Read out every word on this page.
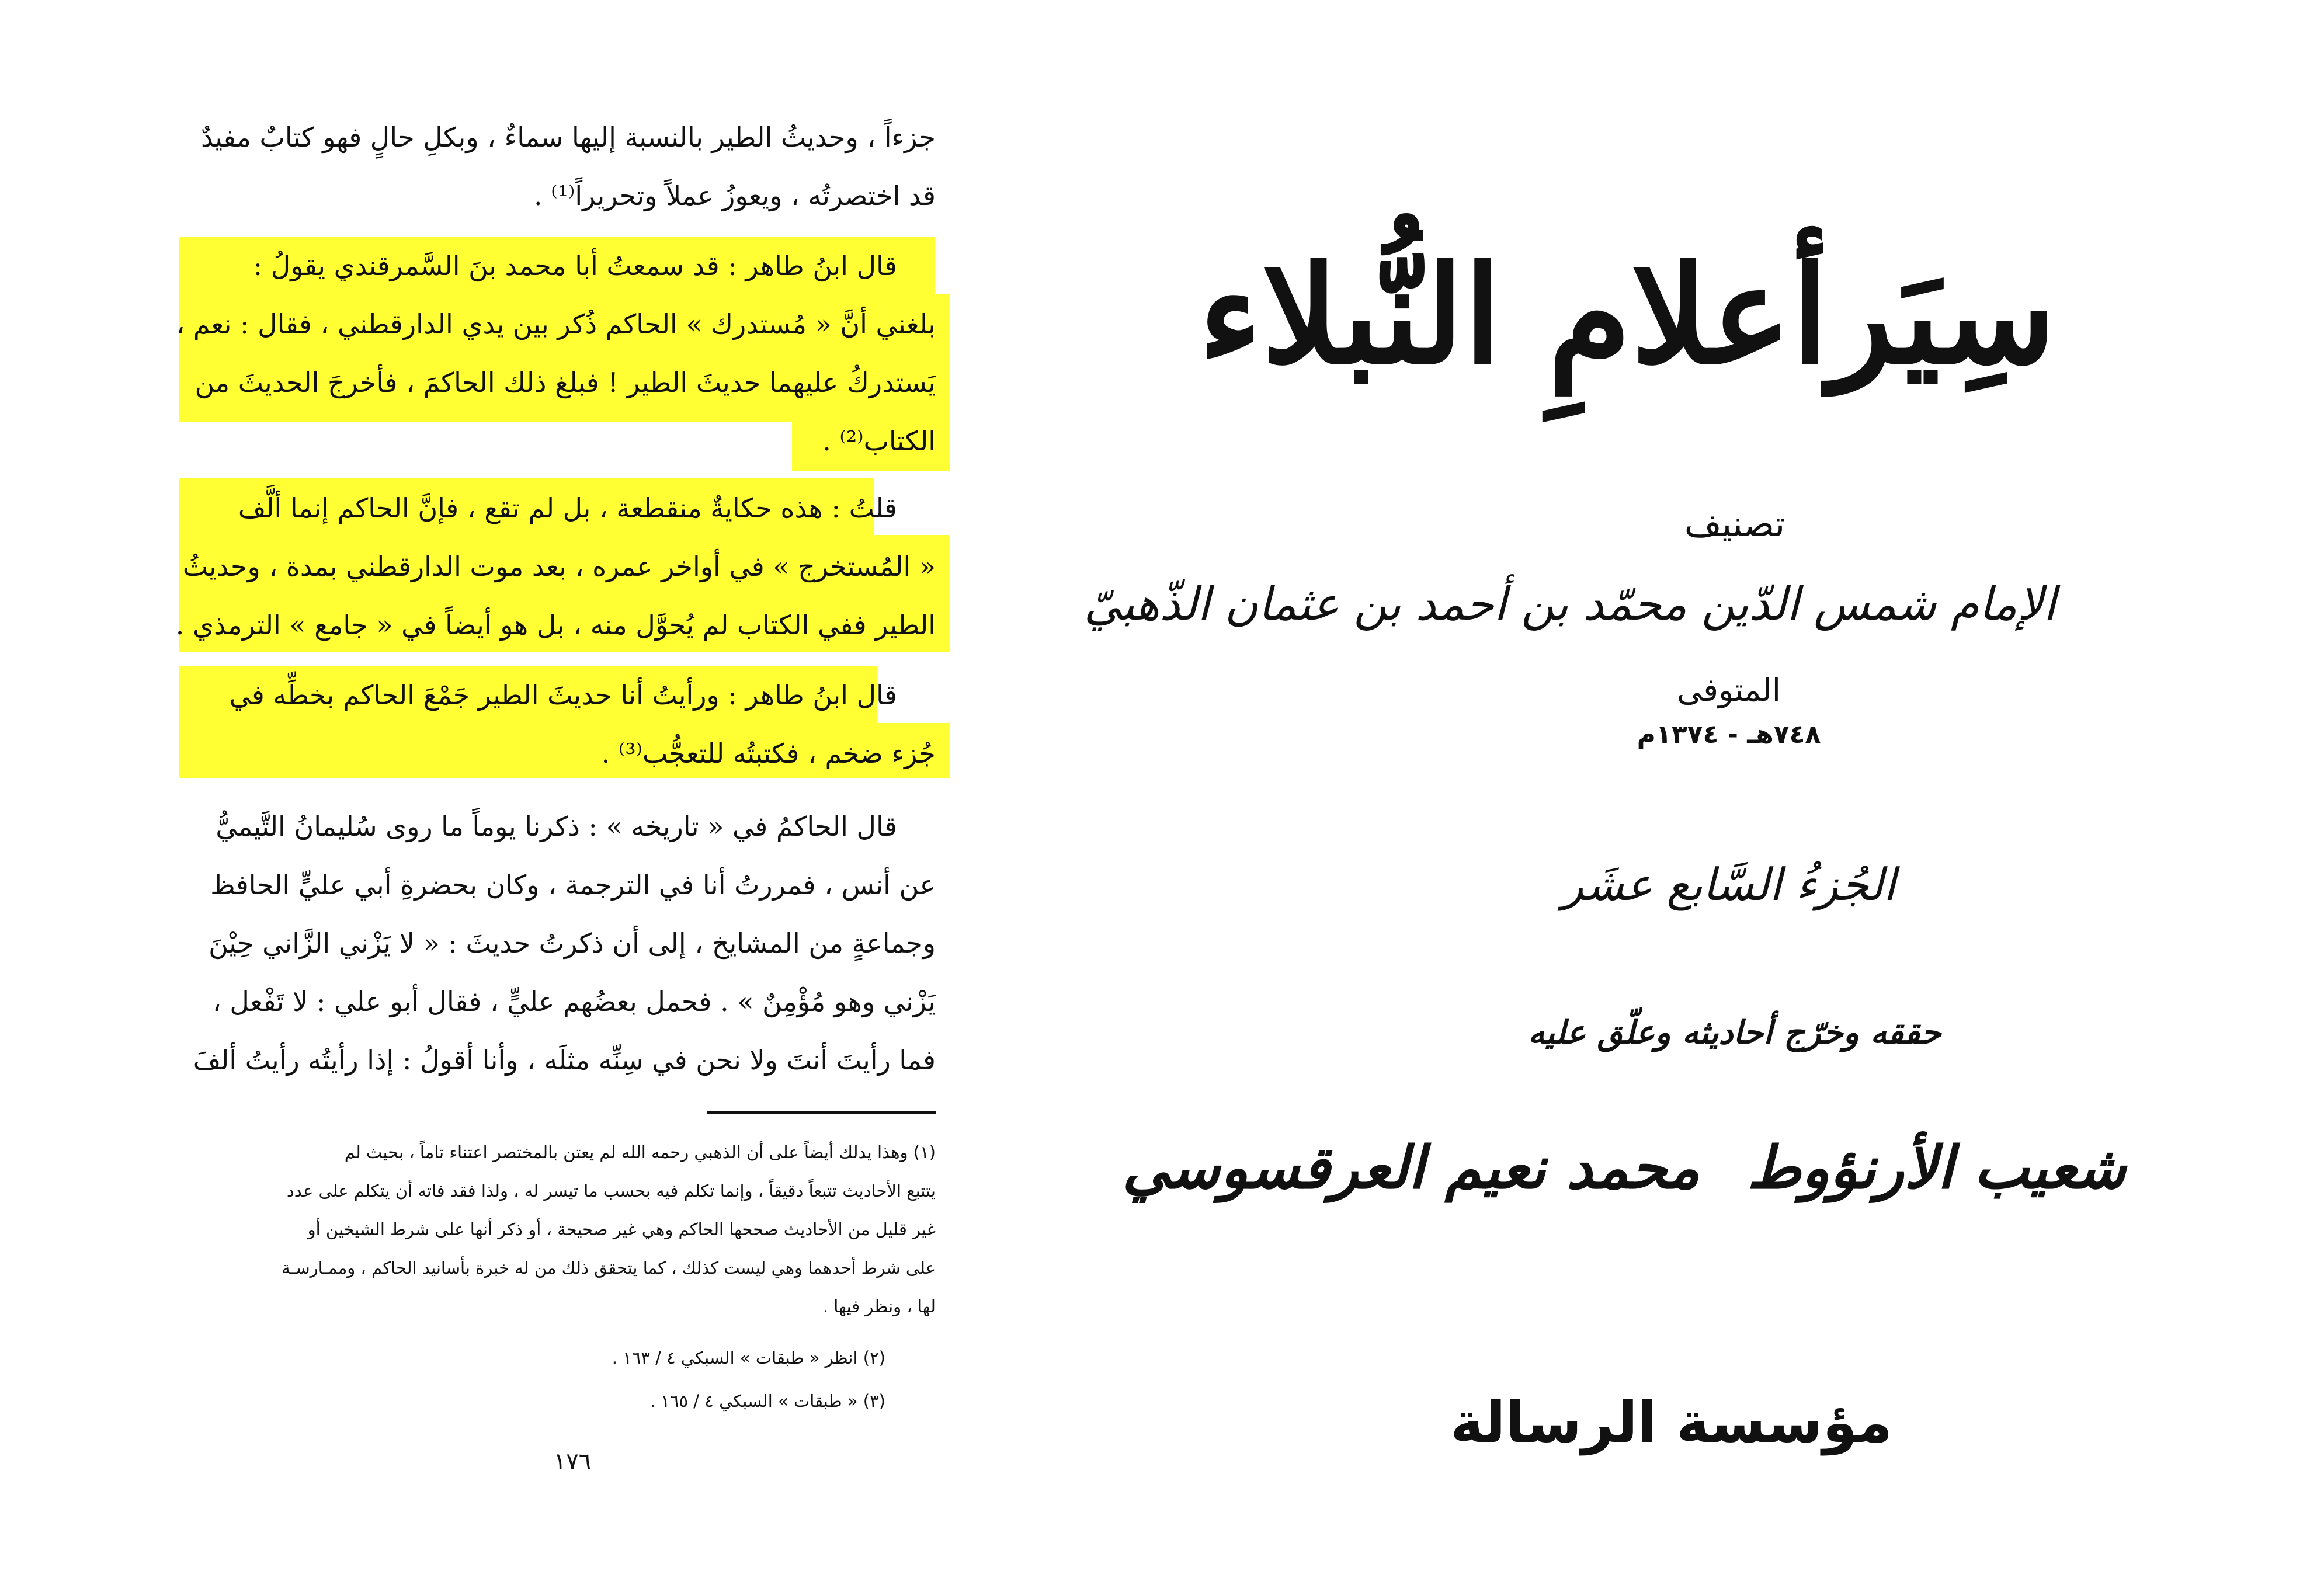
جزءاً ، وحديثُ الطير بالنسبة إليها سماءٌ ، وبكلِ حالٍ فهو كتابٌ مفيدٌ
قد اختصرتُه ، ويعوزُ عملاً وتحريراً⁽¹⁾ .
قال ابنُ طاهر : قد سمعتُ أبا محمد بنَ السَّمرقندي يقولُ :
بلغني أنَّ « مُستدرك » الحاكم ذُكر بين يدي الدارقطني ، فقال : نعم ،
يَستدركُ عليهما حديثَ الطير ! فبلغ ذلك الحاكمَ ، فأخرجَ الحديثَ من
الكتاب⁽²⁾ .
قلتُ : هذه حكايةٌ منقطعة ، بل لم تقع ، فإنَّ الحاكم إنما ألَّف
« المُستخرج » في أواخر عمره ، بعد موت الدارقطني بمدة ، وحديثُ
الطير ففي الكتاب لم يُحوَّل منه ، بل هو أيضاً في « جامع » الترمذي .
قال ابنُ طاهر : ورأيتُ أنا حديثَ الطير جَمْعَ الحاكم بخطِّه في
جُزء ضخم ، فكتبتُه للتعجُّب⁽³⁾ .
قال الحاكمُ في « تاريخه » : ذكرنا يوماً ما روى سُليمانُ التَّيميُّ
عن أنس ، فمررتُ أنا في الترجمة ، وكان بحضرةِ أبي عليٍّ الحافظ
وجماعةٍ من المشايخ ، إلى أن ذكرتُ حديثَ : « لا يَزْني الزَّاني حِيْنَ
يَزْني وهو مُؤْمِنٌ » . فحمل بعضُهم عليٍّ ، فقال أبو علي : لا تَفْعل ،
فما رأيتَ أنتَ ولا نحن في سِنِّه مثلَه ، وأنا أقولُ : إذا رأيتُه رأيتُ ألفَ
(١) وهذا يدلك أيضاً على أن الذهبي رحمه الله لم يعتن بالمختصر اعتناء تاماً ، بحيث لم
يتتبع الأحاديث تتبعاً دقيقاً ، وإنما تكلم فيه بحسب ما تيسر له ، ولذا فقد فاته أن يتكلم على عدد
غير قليل من الأحاديث صححها الحاكم وهي غير صحيحة ، أو ذكر أنها على شرط الشيخين أو
على شرط أحدهما وهي ليست كذلك ، كما يتحقق ذلك من له خبرة بأسانيد الحاكم ، وممـارسـة
لها ، ونظر فيها .
(٢) انظر « طبقات » السبكي ٤ / ١٦٣ .
(٣) « طبقات » السبكي ٤ / ١٦٥ .
١٧٦
سِيَرأعلامِ النُّبلاء
تصنيف
الإمام شمس الدّين محمّد بن أحمد بن عثمان الذّهبيّ
المتوفى
٧٤٨هـ - ١٣٧٤م
الجُزءُ السَّابع عشَر
حققه وخرّج أحاديثه وعلّق عليه
شعيب الأرنؤوط
محمد نعيم العرقسوسي
مؤسسة الرسالة
